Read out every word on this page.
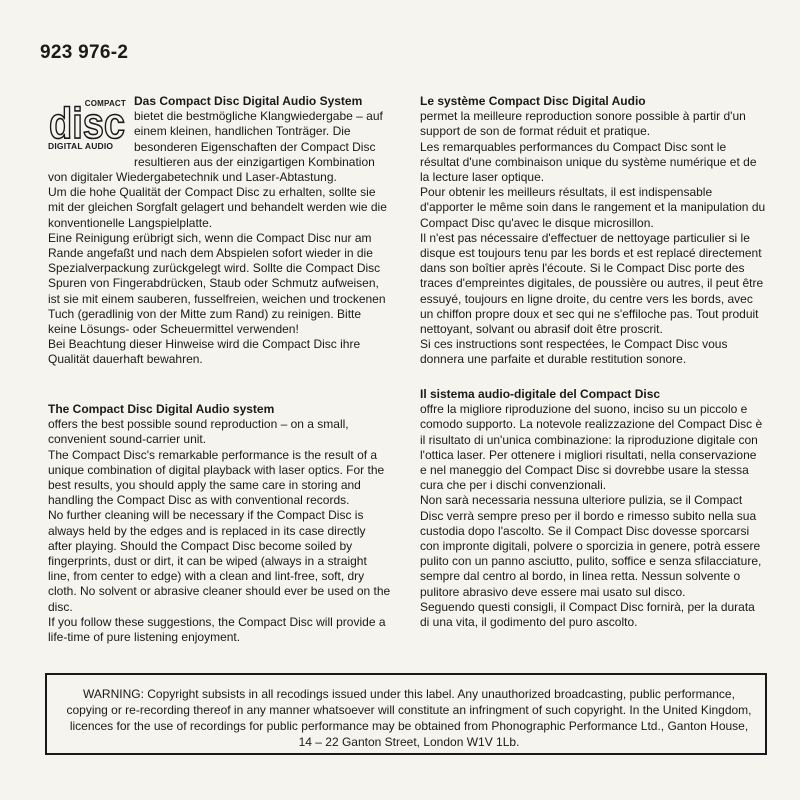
923 976-2
COMPACT
disc
DIGITAL AUDIO

Das Compact Disc Digital Audio System

bietet die bestmögliche Klangwiedergabe – auf einem kleinen, handlichen Tonträger. Die besonderen Eigenschaften der Compact Disc resultieren aus der einzigartigen Kombination von digitaler Wiedergabetechnik und Laser-Abtastung.

Um die hohe Qualität der Compact Disc zu erhalten, sollte sie mit der gleichen Sorgfalt gelagert und behandelt werden wie die konventionelle Langspielplatte.

Eine Reinigung erübrigt sich, wenn die Compact Disc nur am Rande angefaßt und nach dem Abspielen sofort wieder in die Spezialverpackung zurückgelegt wird. Sollte die Compact Disc Spuren von Fingerabdrücken, Staub oder Schmutz aufweisen, ist sie mit einem sauberen, fusselfreien, weichen und trockenen Tuch (geradlinig von der Mitte zum Rand) zu reinigen. Bitte keine Lösungs- oder Scheuermittel verwenden!

Bei Beachtung dieser Hinweise wird die Compact Disc ihre Qualität dauerhaft bewahren.

The Compact Disc Digital Audio system

offers the best possible sound reproduction – on a small, convenient sound-carrier unit.

The Compact Disc's remarkable performance is the result of a unique combination of digital playback with laser optics. For the best results, you should apply the same care in storing and handling the Compact Disc as with conventional records.

No further cleaning will be necessary if the Compact Disc is always held by the edges and is replaced in its case directly after playing. Should the Compact Disc become soiled by fingerprints, dust or dirt, it can be wiped (always in a straight line, from center to edge) with a clean and lint-free, soft, dry cloth. No solvent or abrasive cleaner should ever be used on the disc.

If you follow these suggestions, the Compact Disc will provide a life-time of pure listening enjoyment.

Le système Compact Disc Digital Audio

permet la meilleure reproduction sonore possible à partir d'un support de son de format réduit et pratique.

Les remarquables performances du Compact Disc sont le résultat d'une combinaison unique du système numérique et de la lecture laser optique.

Pour obtenir les meilleurs résultats, il est indispensable d'apporter le même soin dans le rangement et la manipulation du Compact Disc qu'avec le disque microsillon.

Il n'est pas nécessaire d'effectuer de nettoyage particulier si le disque est toujours tenu par les bords et est replacé directement dans son boîtier après l'écoute. Si le Compact Disc porte des traces d'empreintes digitales, de poussière ou autres, il peut être essuyé, toujours en ligne droite, du centre vers les bords, avec un chiffon propre doux et sec qui ne s'effiloche pas. Tout produit nettoyant, solvant ou abrasif doit être proscrit.

Si ces instructions sont respectées, le Compact Disc vous donnera une parfaite et durable restitution sonore.

Il sistema audio-digitale del Compact Disc

offre la migliore riproduzione del suono, inciso su un piccolo e comodo supporto. La notevole realizzazione del Compact Disc è il risultato di un'unica combinazione: la riproduzione digitale con l'ottica laser. Per ottenere i migliori risultati, nella conservazione e nel maneggio del Compact Disc si dovrebbe usare la stessa cura che per i dischi convenzionali.

Non sarà necessaria nessuna ulteriore pulizia, se il Compact Disc verrà sempre preso per il bordo e rimesso subito nella sua custodia dopo l'ascolto. Se il Compact Disc dovesse sporcarsi con impronte digitali, polvere o sporcizia in genere, potrà essere pulito con un panno asciutto, pulito, soffice e senza sfilacciature, sempre dal centro al bordo, in linea retta. Nessun solvente o pulitore abrasivo deve essere mai usato sul disco.

Seguendo questi consigli, il Compact Disc fornirà, per la durata di una vita, il godimento del puro ascolto.

WARNING: Copyright subsists in all recodings issued under this label. Any unauthorized broadcasting, public performance, copying or re-recording thereof in any manner whatsoever will constitute an infringment of such copyright. In the United Kingdom, licences for the use of recordings for public performance may be obtained from Phonographic Performance Ltd., Ganton House, 14 – 22 Ganton Street, London W1V 1Lb.
